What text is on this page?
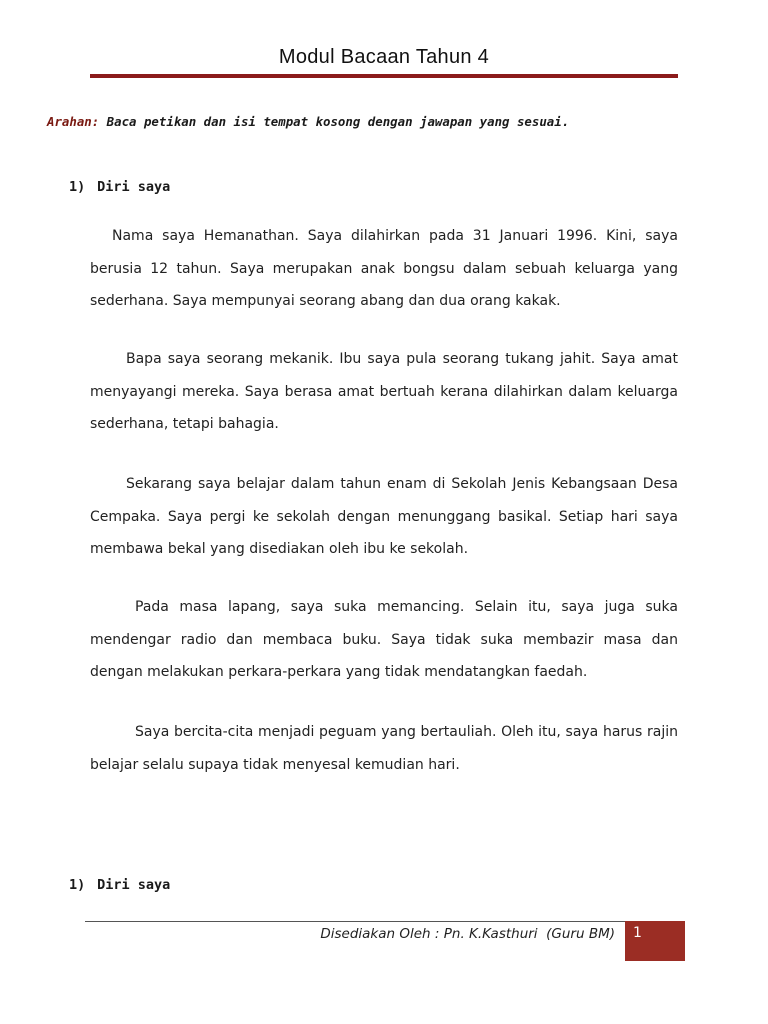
Modul Bacaan Tahun 4
Arahan: Baca petikan dan isi tempat kosong dengan jawapan yang sesuai.
1) Diri saya
Nama saya Hemanathan. Saya dilahirkan pada 31 Januari 1996. Kini, saya berusia 12 tahun. Saya merupakan anak bongsu dalam sebuah keluarga yang sederhana. Saya mempunyai seorang abang dan dua orang kakak.
Bapa saya seorang mekanik. Ibu saya pula seorang tukang jahit. Saya amat menyayangi mereka. Saya berasa amat bertuah kerana dilahirkan dalam keluarga sederhana, tetapi bahagia.
Sekarang saya belajar dalam tahun enam di Sekolah Jenis Kebangsaan Desa Cempaka. Saya pergi ke sekolah dengan menunggang basikal. Setiap hari saya membawa bekal yang disediakan oleh ibu ke sekolah.
Pada masa lapang, saya suka memancing. Selain itu, saya juga suka mendengar radio dan membaca buku. Saya tidak suka membazir masa dan dengan melakukan perkara-perkara yang tidak mendatangkan faedah.
Saya bercita-cita menjadi peguam yang bertauliah. Oleh itu, saya harus rajin belajar selalu supaya tidak menyesal kemudian hari.
1) Diri saya
Disediakan Oleh : Pn. K.Kasthuri  (Guru BM) 1
